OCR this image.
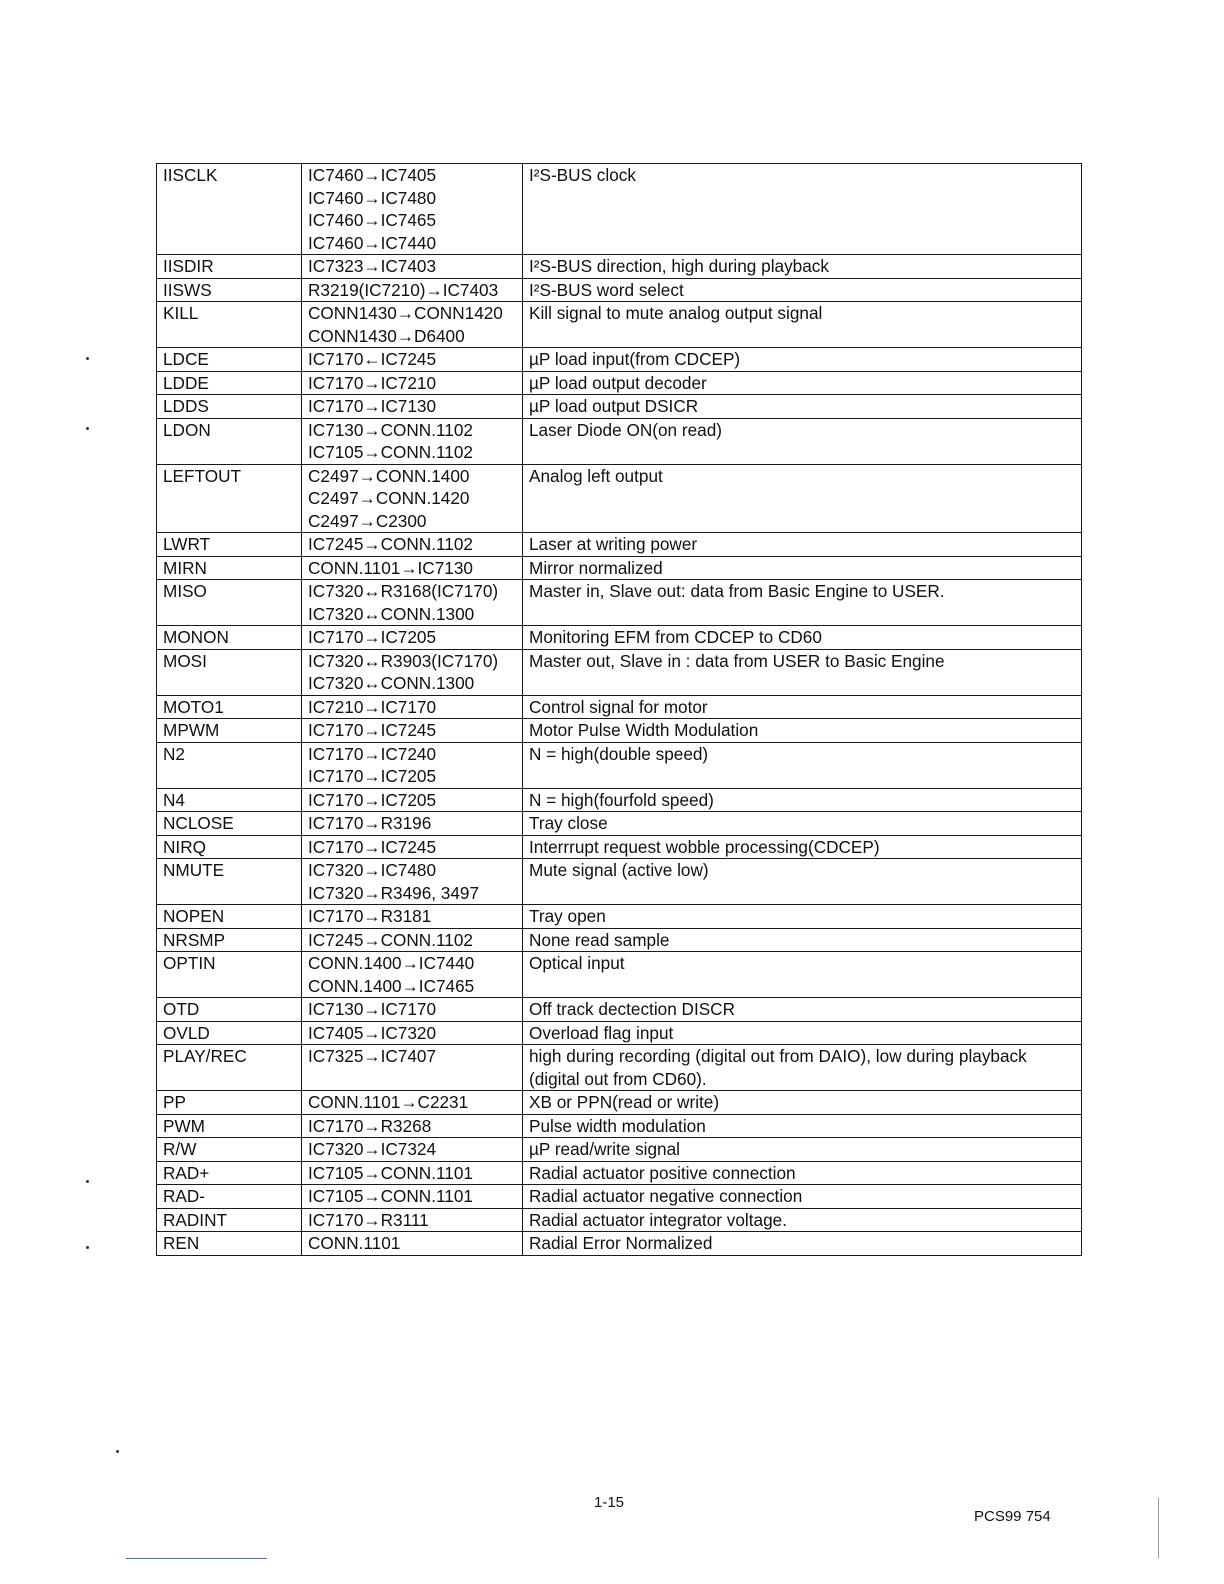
IISCLK	IC7460→IC7405
IC7460→IC7480
IC7460→IC7465
IC7460→IC7440	I²S-BUS clock

IISDIR	IC7323→IC7403	I²S-BUS direction, high during playback

IISWS	R3219(IC7210)→IC7403	I²S-BUS word select

KILL	CONN1430→CONN1420
CONN1430→D6400	Kill signal to mute analog output signal

LDCE	IC7170←IC7245	µP load input(from CDCEP)

LDDE	IC7170→IC7210	µP load output decoder

LDDS	IC7170→IC7130	µP load output DSICR

LDON	IC7130→CONN.1102
IC7105→CONN.1102	Laser Diode ON(on read)

LEFTOUT	C2497→CONN.1400
C2497→CONN.1420
C2497→C2300	Analog left output

LWRT	IC7245→CONN.1102	Laser at writing power

MIRN	CONN.1101→IC7130	Mirror normalized

MISO	IC7320↔R3168(IC7170)
IC7320↔CONN.1300	Master in, Slave out: data from Basic Engine to USER.

MONON	IC7170→IC7205	Monitoring EFM from CDCEP to CD60

MOSI	IC7320↔R3903(IC7170)
IC7320↔CONN.1300	Master out, Slave in : data from USER to Basic Engine

MOTO1	IC7210→IC7170	Control signal for motor

MPWM	IC7170→IC7245	Motor Pulse Width Modulation

N2	IC7170→IC7240
IC7170→IC7205	N = high(double speed)

N4	IC7170→IC7205	N = high(fourfold speed)

NCLOSE	IC7170→R3196	Tray close

NIRQ	IC7170→IC7245	Interrrupt request wobble processing(CDCEP)

NMUTE	IC7320→IC7480
IC7320→R3496, 3497	Mute signal (active low)

NOPEN	IC7170→R3181	Tray open

NRSMP	IC7245→CONN.1102	None read sample

OPTIN	CONN.1400→IC7440
CONN.1400→IC7465	Optical input

OTD	IC7130→IC7170	Off track dectection DISCR

OVLD	IC7405→IC7320	Overload flag input

PLAY/REC	IC7325→IC7407	high during recording (digital out from DAIO), low during playback (digital out from CD60).

PP	CONN.1101→C2231	XB or PPN(read or write)

PWM	IC7170→R3268	Pulse width modulation

R/W	IC7320→IC7324	µP read/write signal

RAD+	IC7105→CONN.1101	Radial actuator positive connection

RAD-	IC7105→CONN.1101	Radial actuator negative connection

RADINT	IC7170→R3111	Radial actuator integrator voltage.

REN	CONN.1101	Radial Error Normalized
1-15
PCS99 754
